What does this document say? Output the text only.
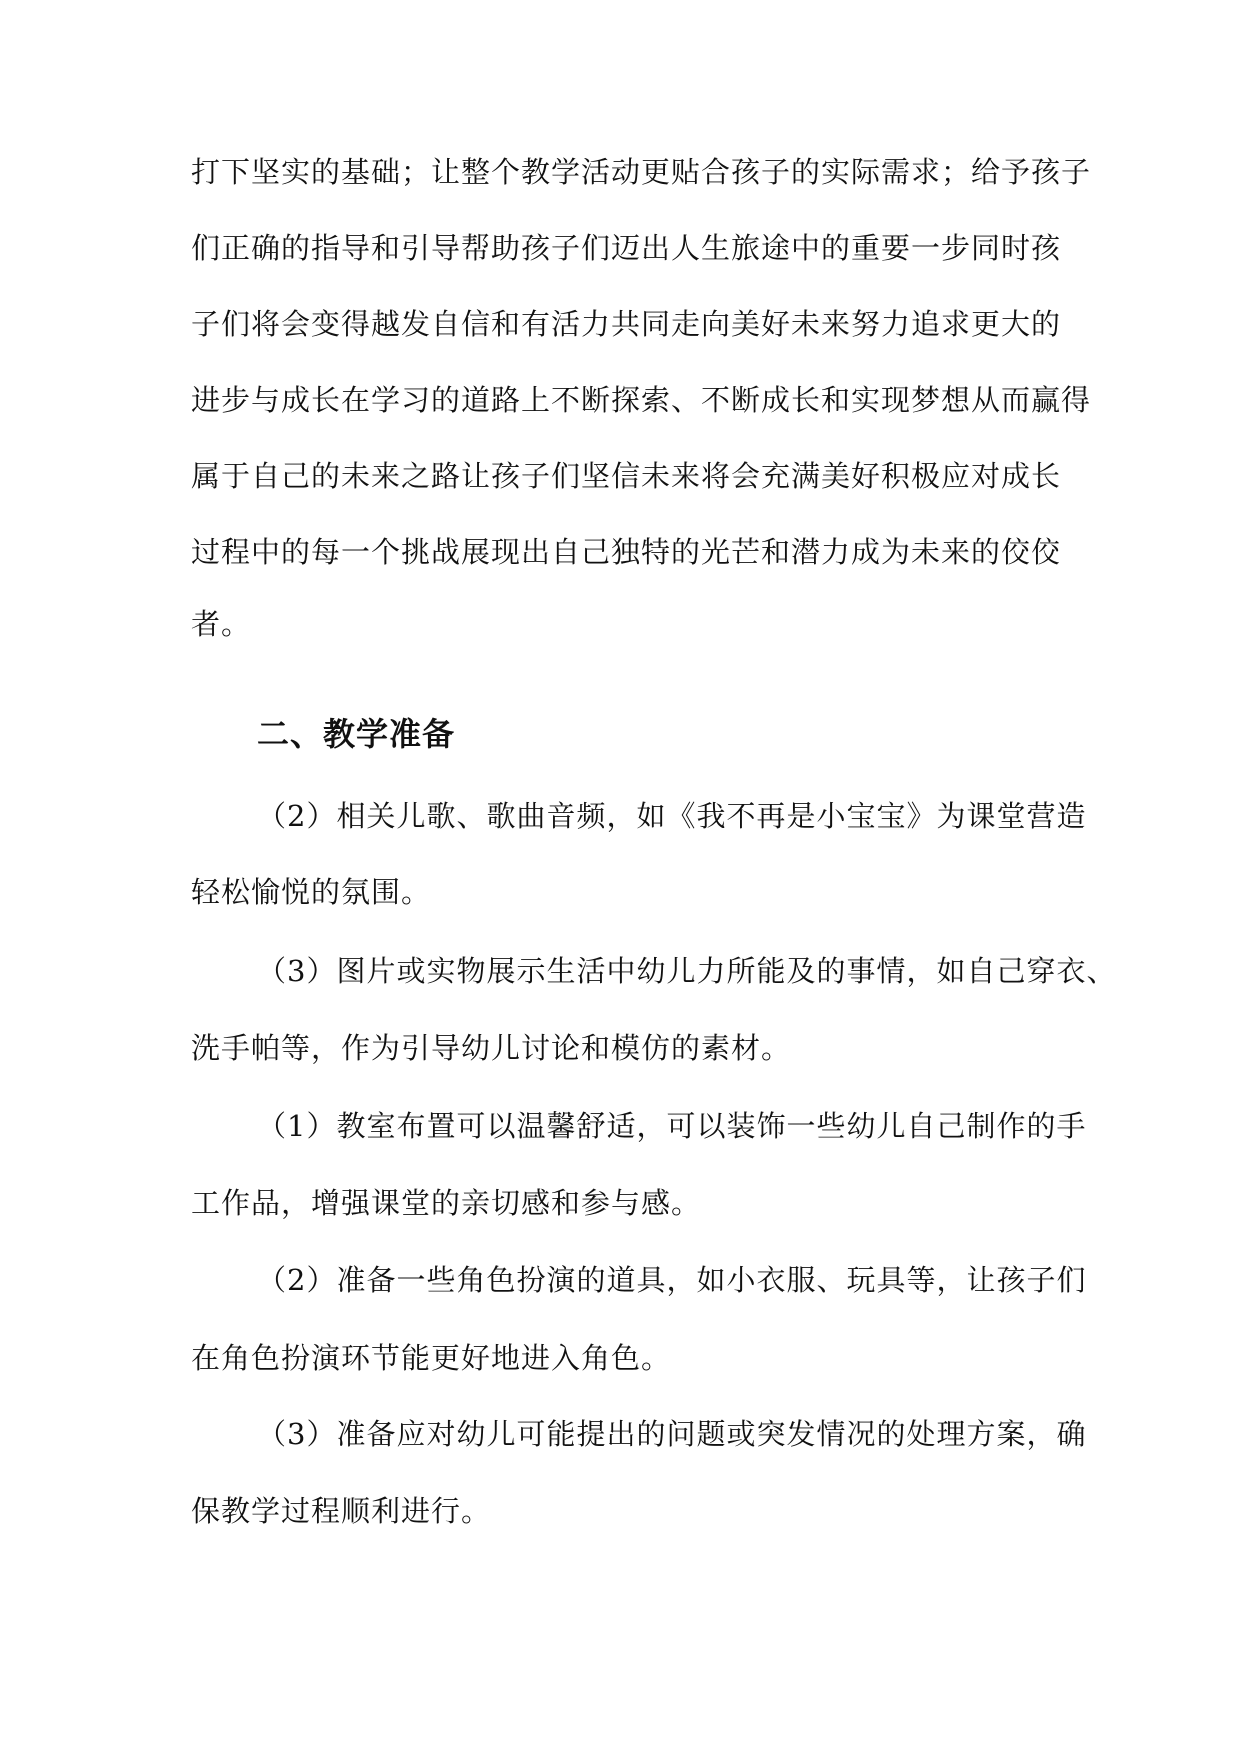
打下坚实的基础；让整个教学活动更贴合孩子的实际需求；给予孩子
们正确的指导和引导帮助孩子们迈出人生旅途中的重要一步同时孩
子们将会变得越发自信和有活力共同走向美好未来努力追求更大的
进步与成长在学习的道路上不断探索、不断成长和实现梦想从而赢得
属于自己的未来之路让孩子们坚信未来将会充满美好积极应对成长
过程中的每一个挑战展现出自己独特的光芒和潜力成为未来的佼佼
者。
二、教学准备
（2）相关儿歌、歌曲音频，如《我不再是小宝宝》为课堂营造
轻松愉悦的氛围。
（3）图片或实物展示生活中幼儿力所能及的事情，如自己穿衣、
洗手帕等，作为引导幼儿讨论和模仿的素材。
（1）教室布置可以温馨舒适，可以装饰一些幼儿自己制作的手
工作品，增强课堂的亲切感和参与感。
（2）准备一些角色扮演的道具，如小衣服、玩具等，让孩子们
在角色扮演环节能更好地进入角色。
（3）准备应对幼儿可能提出的问题或突发情况的处理方案，确
保教学过程顺利进行。
